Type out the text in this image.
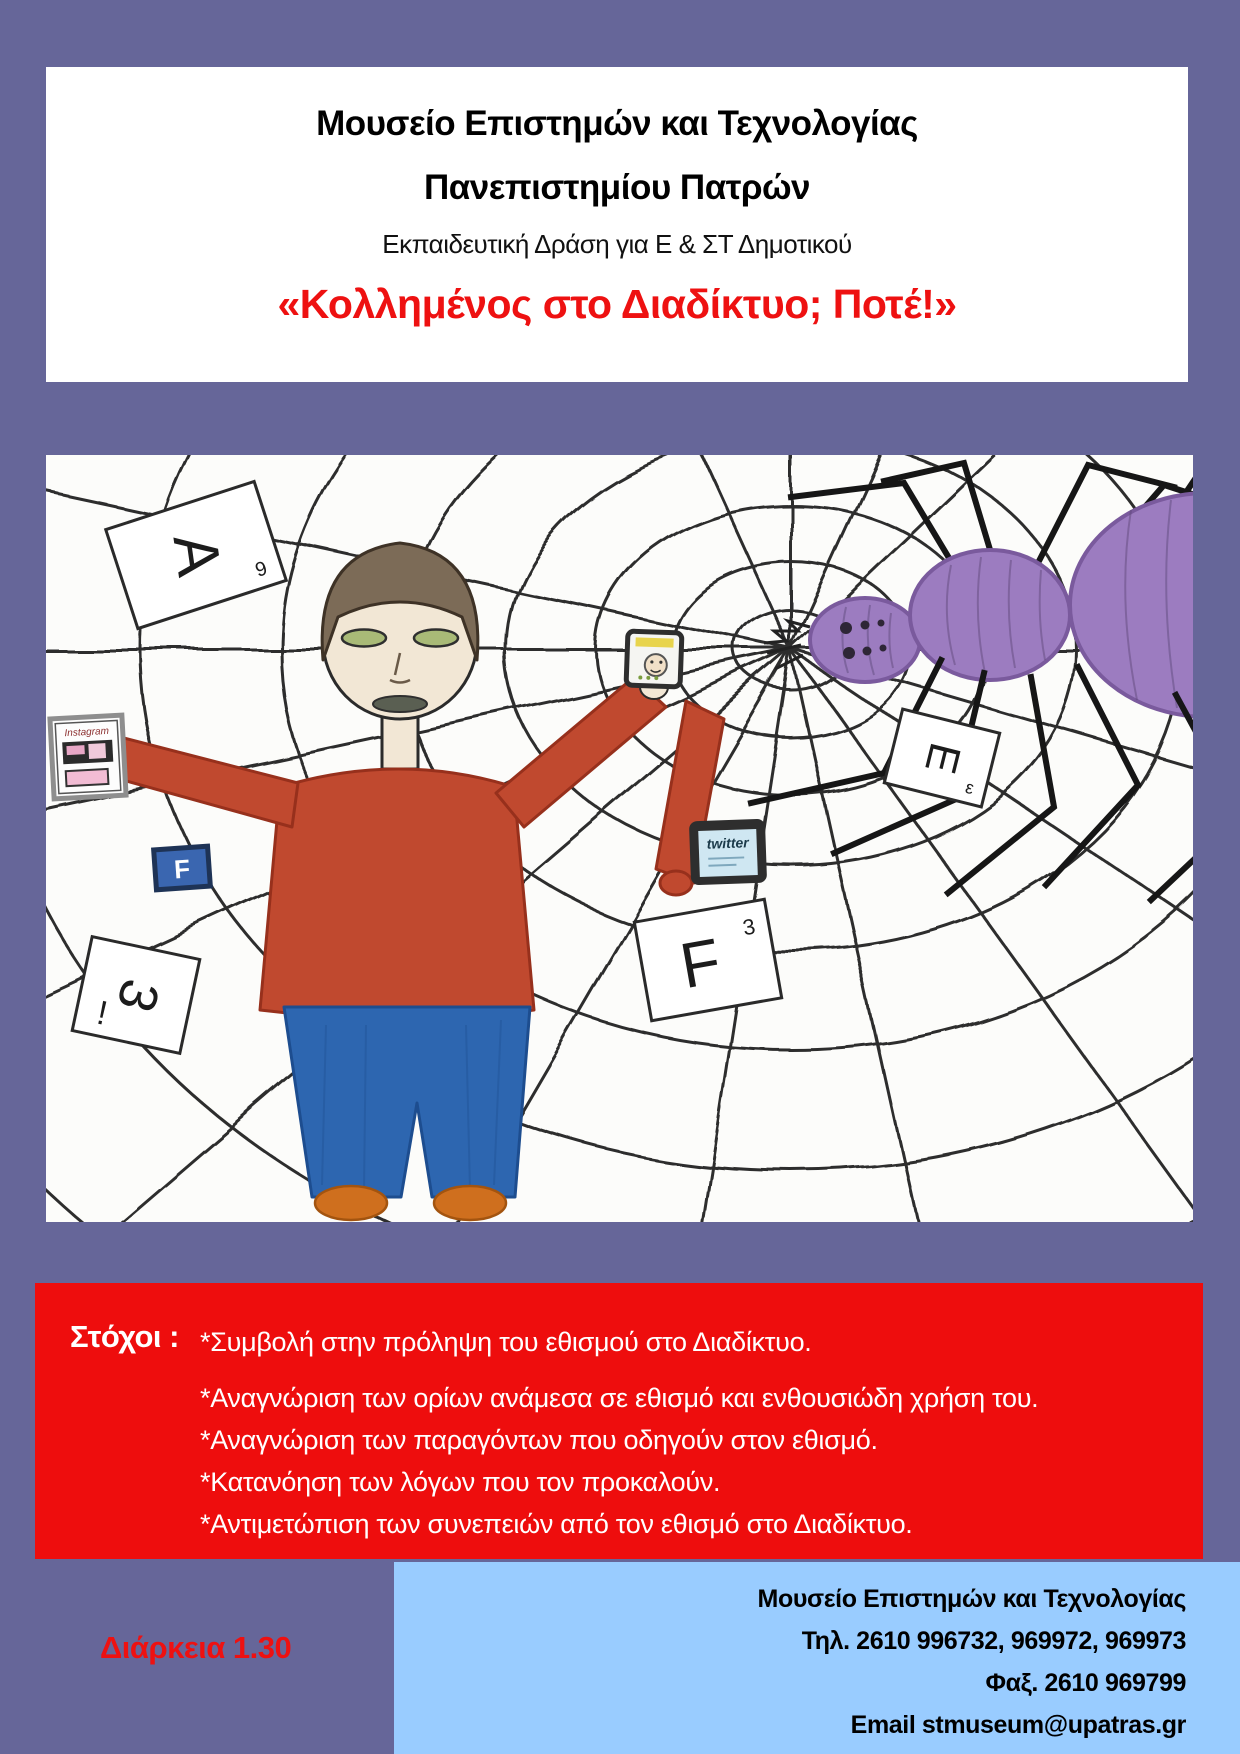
Μουσείο Επιστημών και Τεχνολογίας
Πανεπιστημίου Πατρών
Εκπαιδευτική Δράση για Ε & ΣΤ Δημοτικού
«Κολλημένος στο Διαδίκτυο; Ποτέ!»
A 9
3
!
F 3
E
ε
Instagram
F
twitter
Στόχοι : *Συμβολή στην πρόληψη του εθισμού στο Διαδίκτυο.
*Αναγνώριση των ορίων ανάμεσα σε εθισμό και ενθουσιώδη χρήση του.
*Αναγνώριση των παραγόντων που οδηγούν στον εθισμό.
*Κατανόηση των λόγων που τον προκαλούν.
*Αντιμετώπιση των συνεπειών από τον εθισμό στο Διαδίκτυο.
Διάρκεια 1.30
Μουσείο Επιστημών και Τεχνολογίας
Τηλ. 2610 996732, 969972, 969973
Φαξ. 2610 969799
Email stmuseum@upatras.gr
